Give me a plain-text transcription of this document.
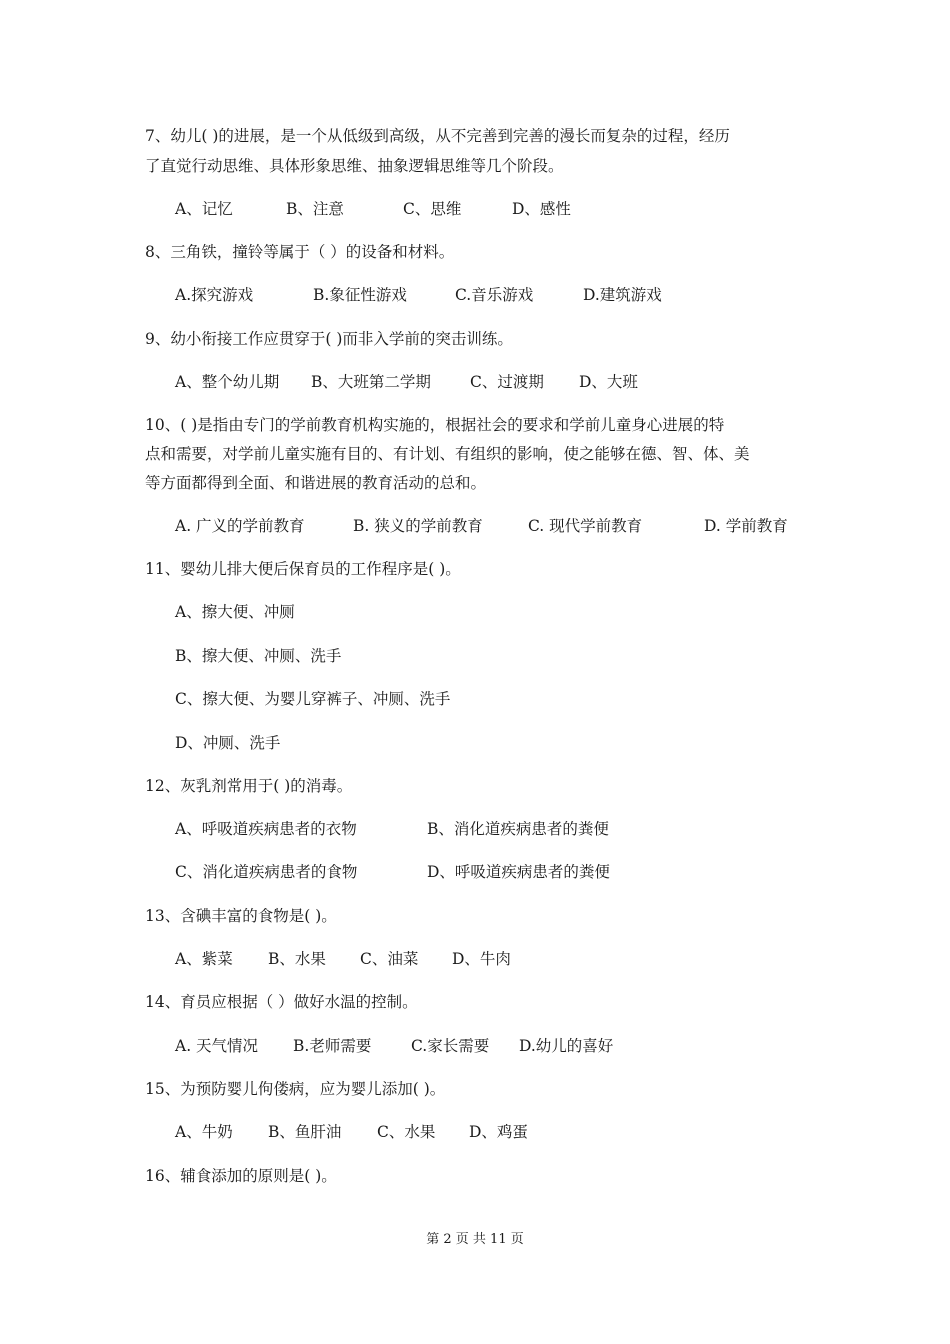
7、幼儿( )的进展，是一个从低级到高级，从不完善到完善的漫长而复杂的过程，经历
了直觉行动思维、具体形象思维、抽象逻辑思维等几个阶段。
A、记忆	B、注意	C、思维	D、感性
8、三角铁，撞铃等属于（ ）的设备和材料。
A.探究游戏	B.象征性游戏	C.音乐游戏	D.建筑游戏
9、幼小衔接工作应贯穿于( )而非入学前的突击训练。
A、整个幼儿期 B、大班第二学期	C、过渡期 D、大班
10、( )是指由专门的学前教育机构实施的，根据社会的要求和学前儿童身心进展的特
点和需要，对学前儿童实施有目的、有计划、有组织的影响，使之能够在德、智、体、美
等方面都得到全面、和谐进展的教育活动的总和。
A. 广义的学前教育	B. 狭义的学前教育	C. 现代学前教育	D. 学前教育
11、婴幼儿排大便后保育员的工作程序是( )。
A、擦大便、冲厕
B、擦大便、冲厕、洗手
C、擦大便、为婴儿穿裤子、冲厕、洗手
D、冲厕、洗手
12、灰乳剂常用于( )的消毒。
A、呼吸道疾病患者的衣物	B、消化道疾病患者的粪便
C、消化道疾病患者的食物	D、呼吸道疾病患者的粪便
13、含碘丰富的食物是( )。
A、紫菜 B、水果 C、油菜 D、牛肉
14、育员应根据（ ）做好水温的控制。
A. 天气情况 B.老师需要	C.家长需要 D.幼儿的喜好
15、为预防婴儿佝偻病，应为婴儿添加( )。
A、牛奶 B、鱼肝油 C、水果 D、鸡蛋
16、辅食添加的原则是( )。
第 2 页 共 11 页
